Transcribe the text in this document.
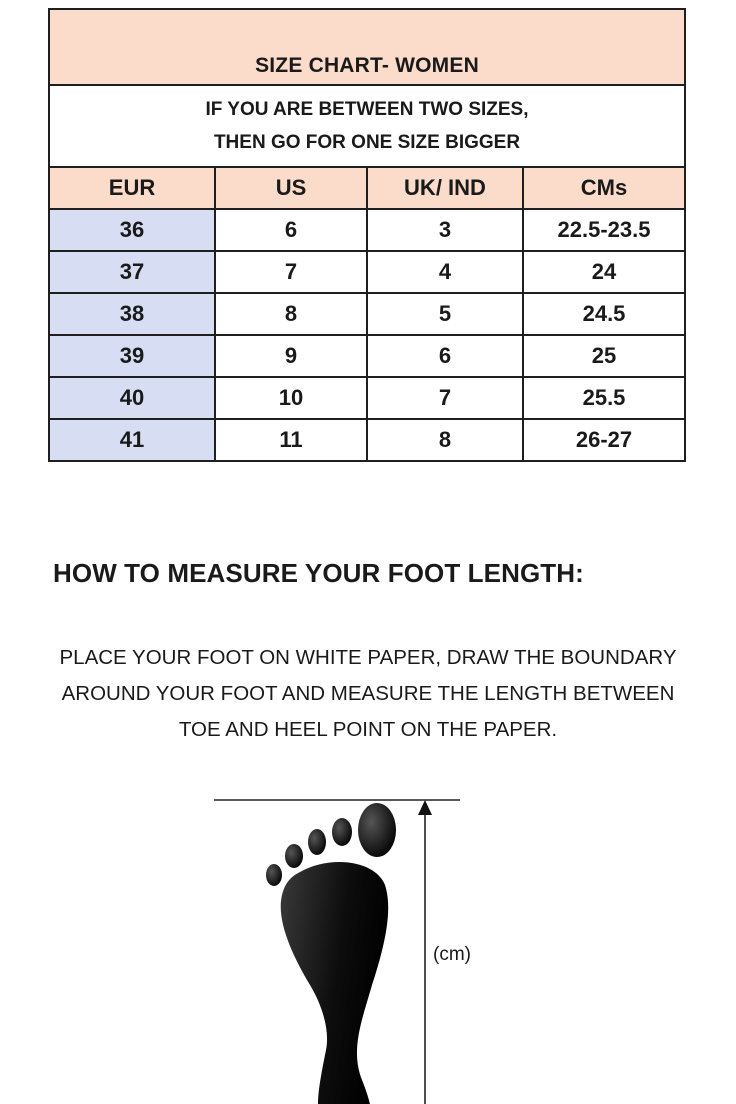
SIZE CHART- WOMEN			

IF YOU ARE BETWEEN TWO SIZES,
THEN GO FOR ONE SIZE BIGGER			

EUR	US	UK/ IND	CMs
36	6	3	22.5-23.5
37	7	4	24
38	8	5	24.5
39	9	6	25
40	10	7	25.5
41	11	8	26-27
HOW TO MEASURE YOUR FOOT LENGTH:

PLACE YOUR FOOT ON WHITE PAPER, DRAW THE BOUNDARY
AROUND YOUR FOOT AND MEASURE THE LENGTH BETWEEN
TOE AND HEEL POINT ON THE PAPER.

(cm)
